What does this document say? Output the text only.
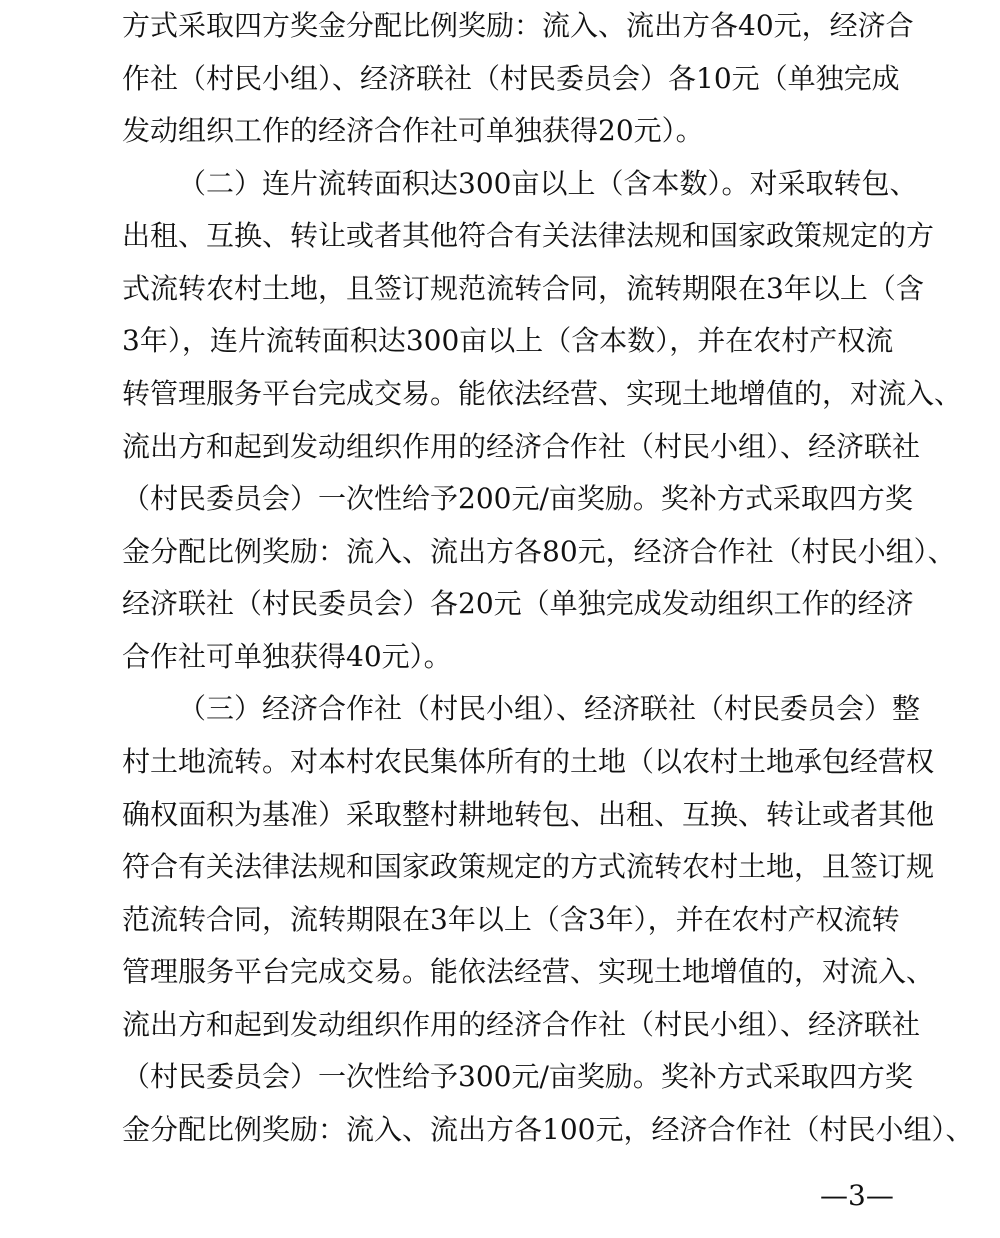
方式采取四方奖金分配比例奖励：流入、流出方各40元，经济合
作社（村民小组）、经济联社（村民委员会）各10元（单独完成
发动组织工作的经济合作社可单独获得20元）。
（二）连片流转面积达300亩以上（含本数）。对采取转包、
出租、互换、转让或者其他符合有关法律法规和国家政策规定的方
式流转农村土地，且签订规范流转合同，流转期限在3年以上（含
3年），连片流转面积达300亩以上（含本数），并在农村产权流
转管理服务平台完成交易。能依法经营、实现土地增值的，对流入、
流出方和起到发动组织作用的经济合作社（村民小组）、经济联社
（村民委员会）一次性给予200元/亩奖励。奖补方式采取四方奖
金分配比例奖励：流入、流出方各80元，经济合作社（村民小组）、
经济联社（村民委员会）各20元（单独完成发动组织工作的经济
合作社可单独获得40元）。
（三）经济合作社（村民小组）、经济联社（村民委员会）整
村土地流转。对本村农民集体所有的土地（以农村土地承包经营权
确权面积为基准）采取整村耕地转包、出租、互换、转让或者其他
符合有关法律法规和国家政策规定的方式流转农村土地，且签订规
范流转合同，流转期限在3年以上（含3年），并在农村产权流转
管理服务平台完成交易。能依法经营、实现土地增值的，对流入、
流出方和起到发动组织作用的经济合作社（村民小组）、经济联社
（村民委员会）一次性给予300元/亩奖励。奖补方式采取四方奖
金分配比例奖励：流入、流出方各100元，经济合作社（村民小组）、
—3—
